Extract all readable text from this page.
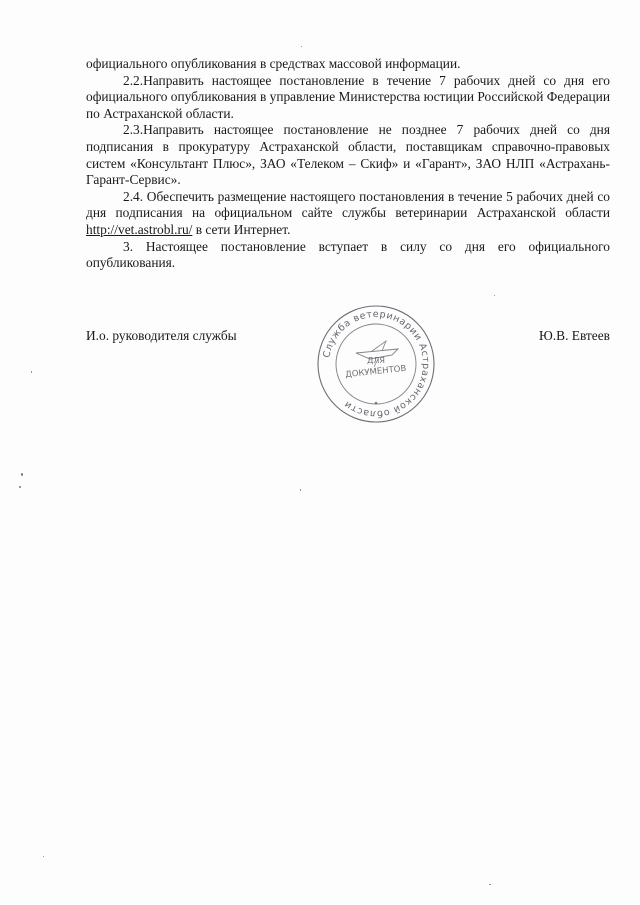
официального опубликования в средствах массовой информации.

2.2.Направить настоящее постановление в течение 7 рабочих дней со дня его официального опубликования в управление Министерства юстиции Российской Федерации по Астраханской области.

2.3.Направить настоящее постановление не позднее 7 рабочих дней со дня подписания в прокуратуру Астраханской области, поставщикам справочно-правовых систем «Консультант Плюс», ЗАО «Телеком – Скиф» и «Гарант», ЗАО НЛП «Астрахань-Гарант-Сервис».

2.4. Обеспечить размещение настоящего постановления в течение 5 рабочих дней со дня подписания на официальном сайте службы ветеринарии Астраханской области http://vet.astrobl.ru/ в сети Интернет.

3. Настоящее постановление вступает в силу со дня его официального опубликования.

И.о. руководителя службы	Ю.В. Евтеев
Служба ветеринарии Астраханской области
ДЛЯ
ДОКУМЕНТОВ
